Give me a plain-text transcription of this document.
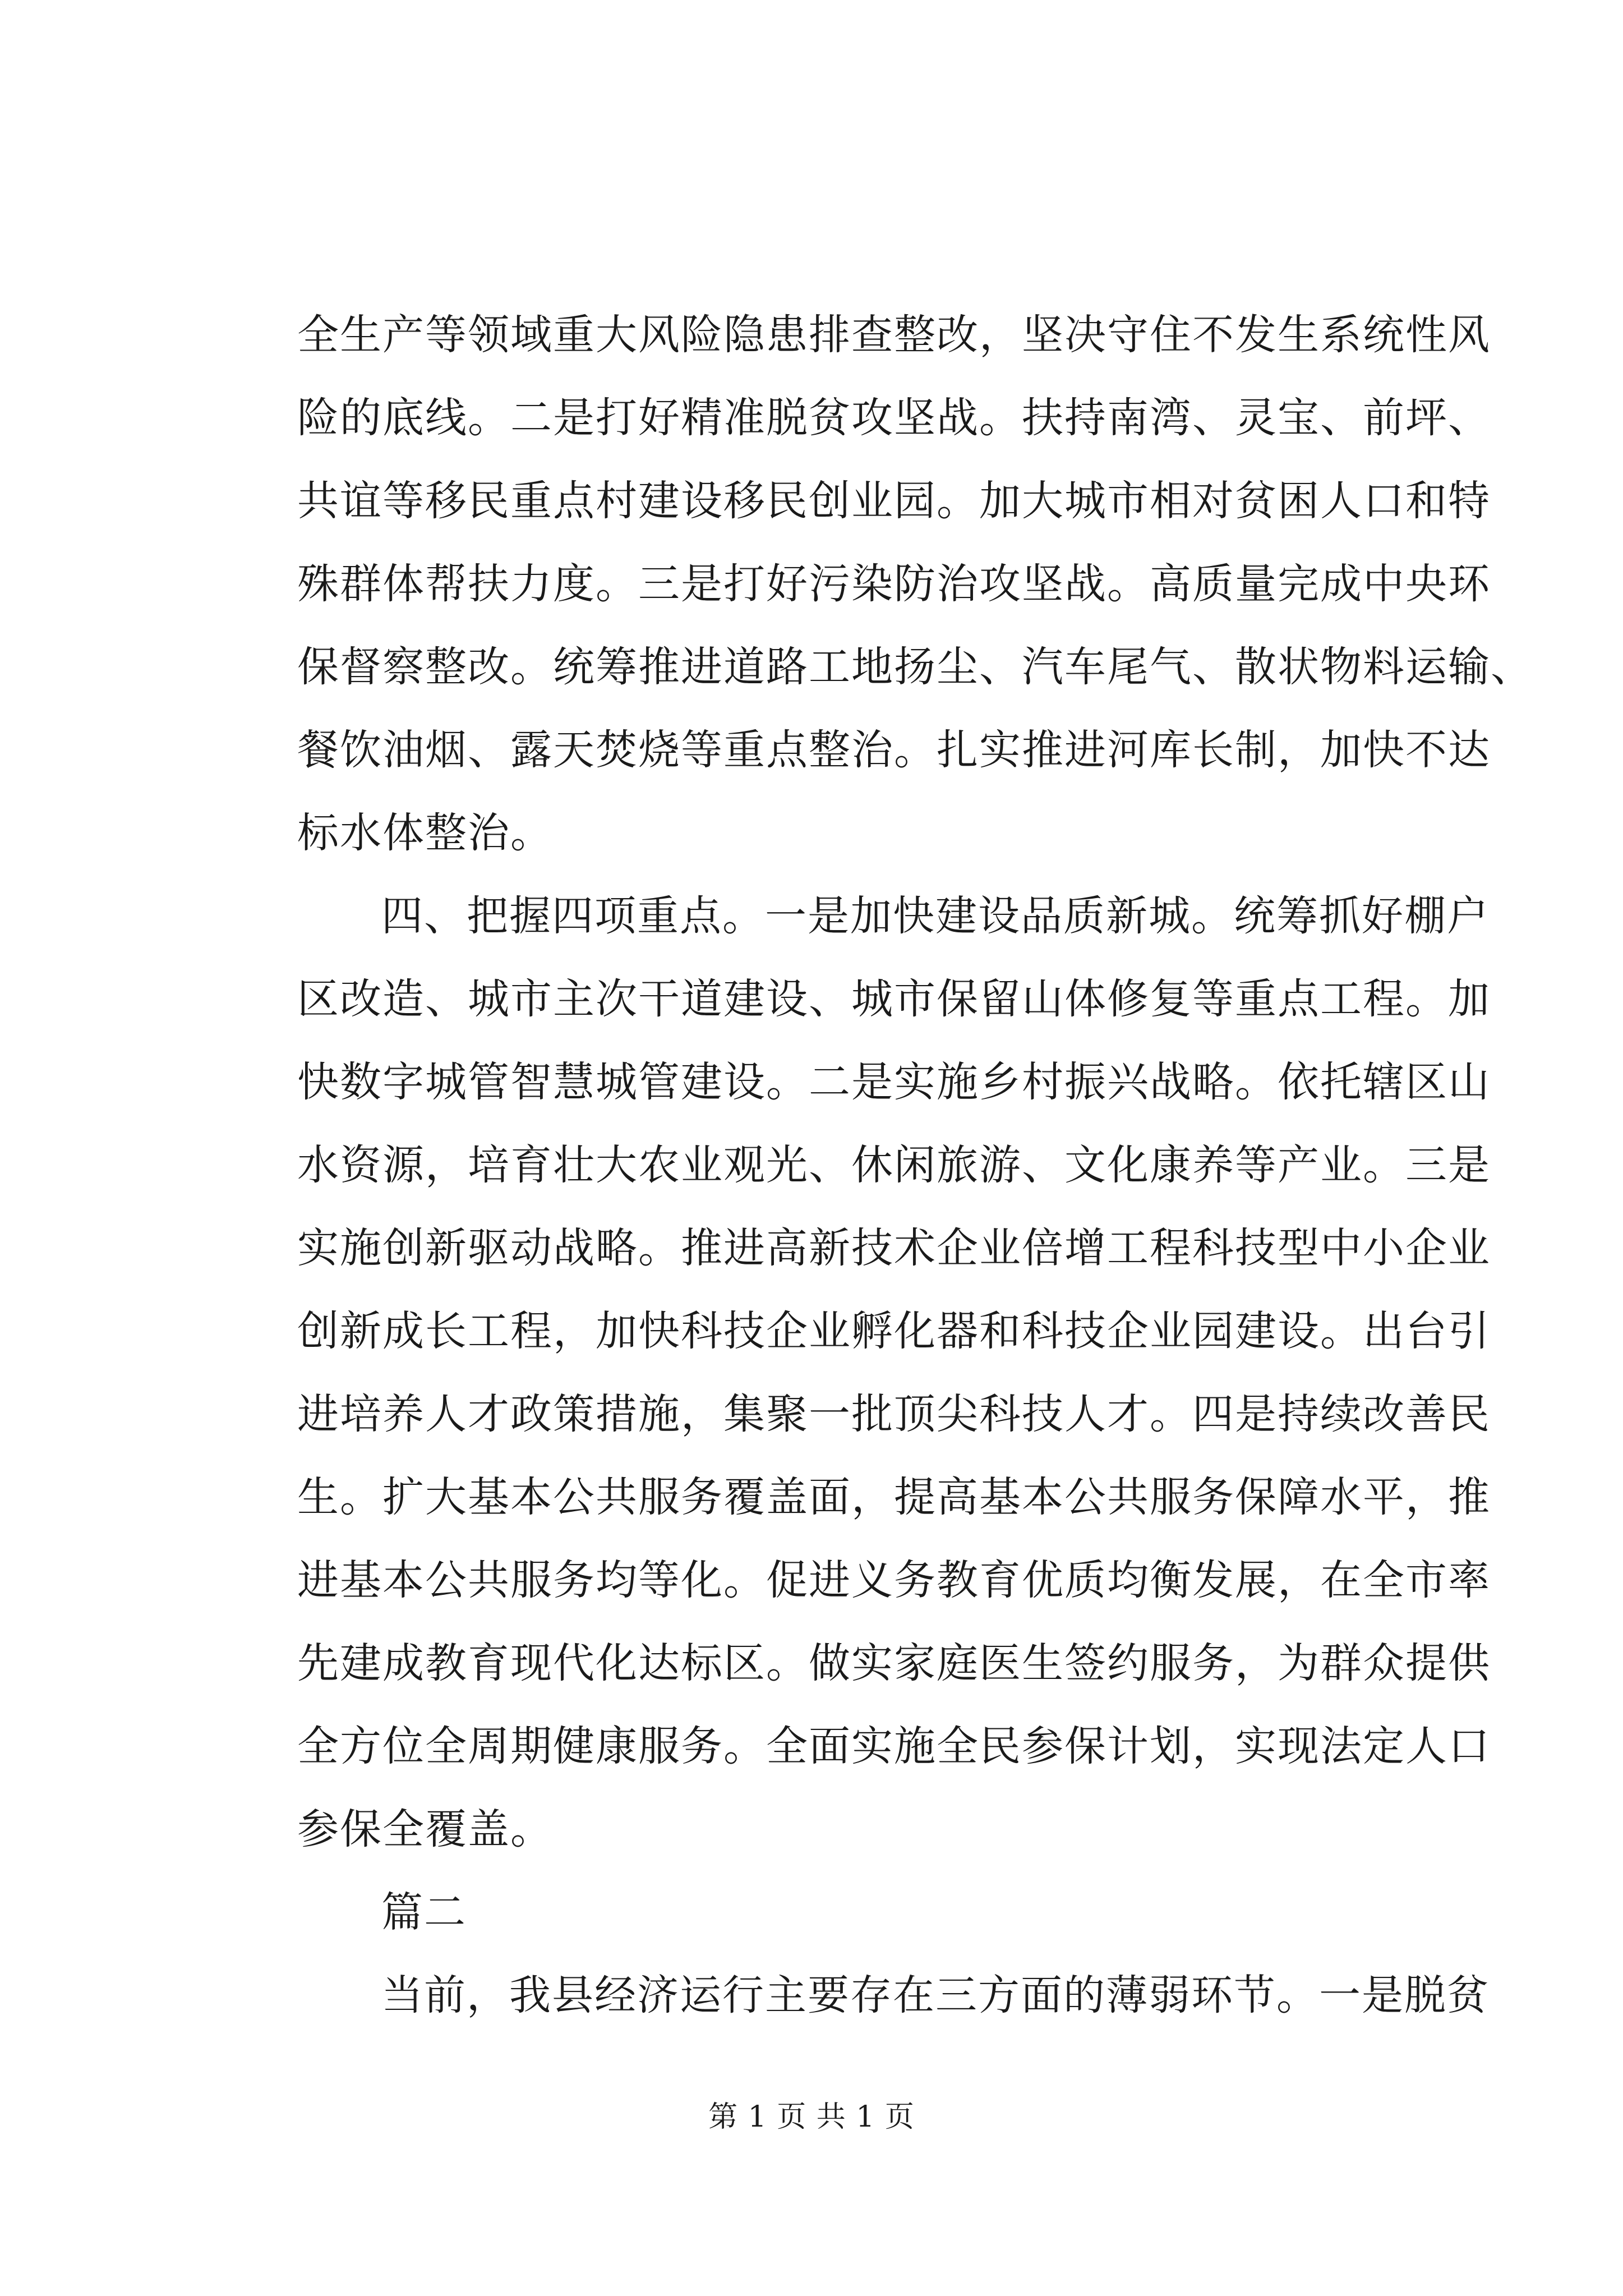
全生产等领域重大风险隐患排查整改，坚决守住不发生系统性风
险的底线。二是打好精准脱贫攻坚战。扶持南湾、灵宝、前坪、
共谊等移民重点村建设移民创业园。加大城市相对贫困人口和特
殊群体帮扶力度。三是打好污染防治攻坚战。高质量完成中央环
保督察整改。统筹推进道路工地扬尘、汽车尾气、散状物料运输、
餐饮油烟、露天焚烧等重点整治。扎实推进河库长制，加快不达
标水体整治。
四、把握四项重点。一是加快建设品质新城。统筹抓好棚户
区改造、城市主次干道建设、城市保留山体修复等重点工程。加
快数字城管智慧城管建设。二是实施乡村振兴战略。依托辖区山
水资源，培育壮大农业观光、休闲旅游、文化康养等产业。三是
实施创新驱动战略。推进高新技术企业倍增工程科技型中小企业
创新成长工程，加快科技企业孵化器和科技企业园建设。出台引
进培养人才政策措施，集聚一批顶尖科技人才。四是持续改善民
生。扩大基本公共服务覆盖面，提高基本公共服务保障水平，推
进基本公共服务均等化。促进义务教育优质均衡发展，在全市率
先建成教育现代化达标区。做实家庭医生签约服务，为群众提供
全方位全周期健康服务。全面实施全民参保计划，实现法定人口
参保全覆盖。
篇二
当前，我县经济运行主要存在三方面的薄弱环节。一是脱贫
第 1 页 共 1 页
